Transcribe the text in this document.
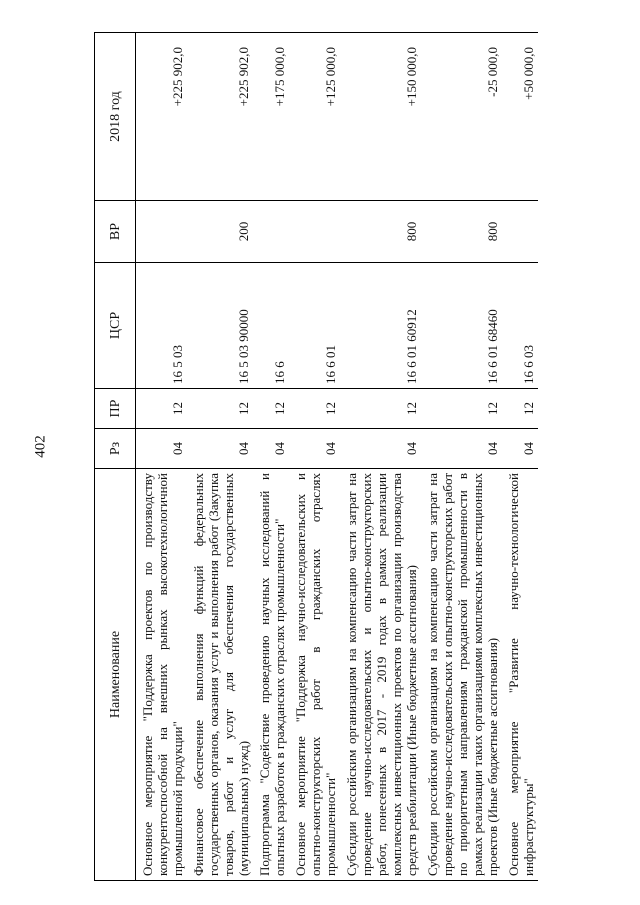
402
Наименование	Рз	ПР	ЦСР	ВР	2018 год
Основное мероприятие "Поддержка проектов по производству конкурентоспособной на внешних рынках высокотехнологичной промышленной продукции"	04	12	16 5 03		+225 902,0
Финансовое обеспечение выполнения функций федеральных государственных органов, оказания услуг и выполнения работ (Закупка товаров, работ и услуг для обеспечения государственных (муниципальных) нужд)	04	12	16 5 03 90000	200	+225 902,0
Подпрограмма "Содействие проведению научных исследований и опытных разработок в гражданских отраслях промышленности"	04	12	16 6		+175 000,0
Основное мероприятие "Поддержка научно-исследовательских и опытно-конструкторских работ в гражданских отраслях промышленности"	04	12	16 6 01		+125 000,0
Субсидии российским организациям на компенсацию части затрат на проведение научно-исследовательских и опытно-конструкторских работ, понесенных в 2017 - 2019 годах в рамках реализации комплексных инвестиционных проектов по организации производства средств реабилитации (Иные бюджетные ассигнования)	04	12	16 6 01 60912	800	+150 000,0
Субсидии российским организациям на компенсацию части затрат на проведение научно-исследовательских и опытно-конструкторских работ по приоритетным направлениям гражданской промышленности в рамках реализации таких организациями комплексных инвестиционных проектов (Иные бюджетные ассигнования)	04	12	16 6 01 68460	800	-25 000,0
Основное мероприятие "Развитие научно-технологической инфраструктуры"	04	12	16 6 03		+50 000,0
